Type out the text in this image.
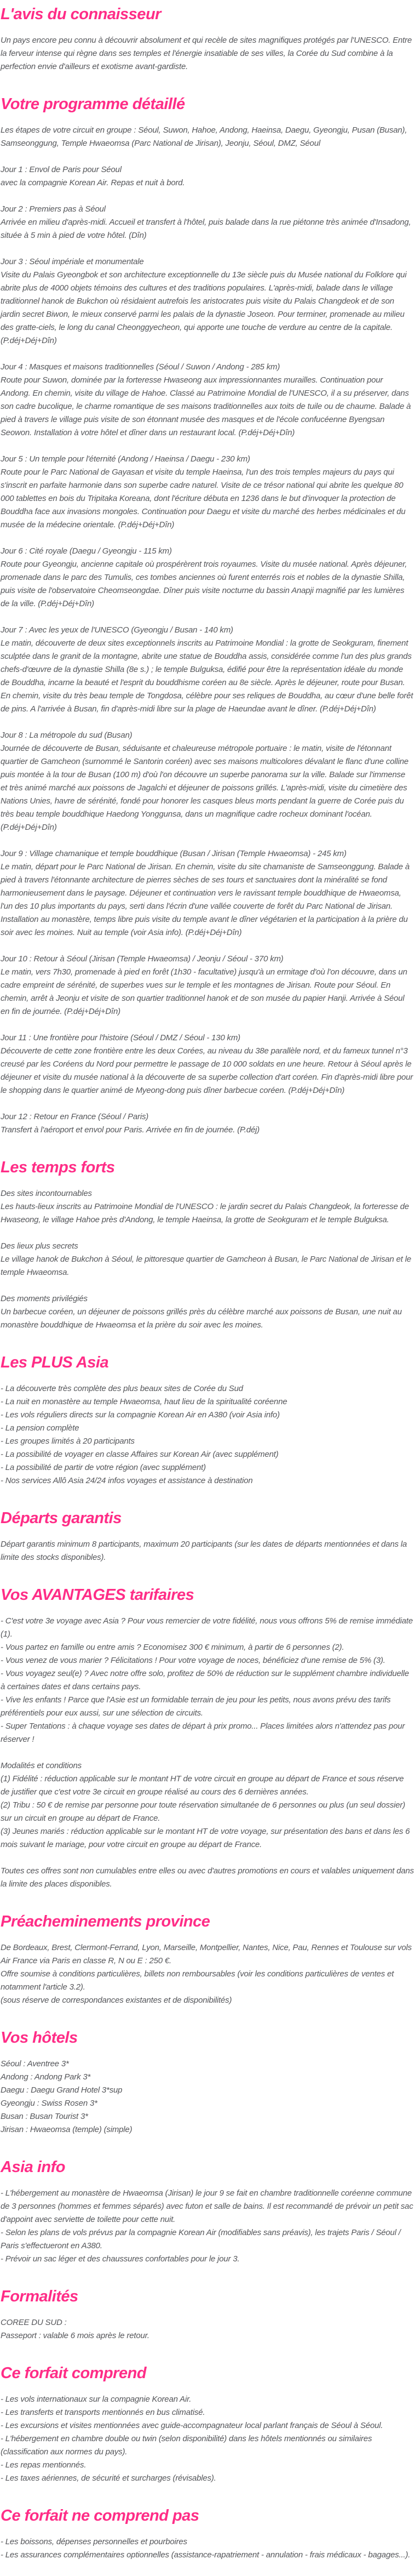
L'avis du connaisseur
Un pays encore peu connu à découvrir absolument et qui recèle de sites magnifiques protégés par l'UNESCO. Entre la ferveur intense qui règne dans ses temples et l'énergie insatiable de ses villes, la Corée du Sud combine à la perfection envie d'ailleurs et exotisme avant-gardiste.
Votre programme détaillé
Les étapes de votre circuit en groupe : Séoul, Suwon, Hahoe, Andong, Haeinsa, Daegu, Gyeongju, Pusan (Busan), Samseonggung, Temple Hwaeomsa (Parc National de Jirisan), Jeonju, Séoul, DMZ, Séoul
Jour 1 : Envol de Paris pour Séoul
avec la compagnie Korean Air. Repas et nuit à bord.
Jour 2 : Premiers pas à Séoul
Arrivée en milieu d'après-midi. Accueil et transfert à l'hôtel, puis balade dans la rue piétonne très animée d'Insadong, située à 5 min à pied de votre hôtel. (Dîn)
Jour 3 : Séoul impériale et monumentale
Visite du Palais Gyeongbok et son architecture exceptionnelle du 13e siècle puis du Musée national du Folklore qui abrite plus de 4000 objets témoins des cultures et des traditions populaires. L'après-midi, balade dans le village traditionnel hanok de Bukchon où résidaient autrefois les aristocrates puis visite du Palais Changdeok et de son jardin secret Biwon, le mieux conservé parmi les palais de la dynastie Joseon. Pour terminer, promenade au milieu des gratte-ciels, le long du canal Cheonggyecheon, qui apporte une touche de verdure au centre de la capitale. (P.déj+Déj+Dîn)
Jour 4 : Masques et maisons traditionnelles (Séoul / Suwon / Andong - 285 km)
Route pour Suwon, dominée par la forteresse Hwaseong aux impressionnantes murailles. Continuation pour Andong. En chemin, visite du village de Hahoe. Classé au Patrimoine Mondial de l'UNESCO, il a su préserver, dans son cadre bucolique, le charme romantique de ses maisons traditionnelles aux toits de tuile ou de chaume. Balade à pied à travers le village puis visite de son étonnant musée des masques et de l'école confucéenne Byengsan Seowon. Installation à votre hôtel et dîner dans un restaurant local. (P.déj+Déj+Dîn)
Jour 5 : Un temple pour l'éternité (Andong / Haeinsa / Daegu - 230 km)
Route pour le Parc National de Gayasan et visite du temple Haeinsa, l'un des trois temples majeurs du pays qui s'inscrit en parfaite harmonie dans son superbe cadre naturel. Visite de ce trésor national qui abrite les quelque 80 000 tablettes en bois du Tripitaka Koreana, dont l'écriture débuta en 1236 dans le but d'invoquer la protection de Bouddha face aux invasions mongoles. Continuation pour Daegu et visite du marché des herbes médicinales et du musée de la médecine orientale. (P.déj+Déj+Dîn)
Jour 6 : Cité royale (Daegu / Gyeongju - 115 km)
Route pour Gyeongju, ancienne capitale où prospérèrent trois royaumes. Visite du musée national. Après déjeuner, promenade dans le parc des Tumulis, ces tombes anciennes où furent enterrés rois et nobles de la dynastie Shilla, puis visite de l'observatoire Cheomseongdae. Dîner puis visite nocturne du bassin Anapji magnifié par les lumières de la ville. (P.déj+Déj+Dîn)
Jour 7 : Avec les yeux de l'UNESCO (Gyeongju / Busan - 140 km)
Le matin, découverte de deux sites exceptionnels inscrits au Patrimoine Mondial : la grotte de Seokguram, finement sculptée dans le granit de la montagne, abrite une statue de Bouddha assis, considérée comme l'un des plus grands chefs-d'œuvre de la dynastie Shilla (8e s.) ; le temple Bulguksa, édifié pour être la représentation idéale du monde de Bouddha, incarne la beauté et l'esprit du bouddhisme coréen au 8e siècle. Après le déjeuner, route pour Busan. En chemin, visite du très beau temple de Tongdosa, célèbre pour ses reliques de Bouddha, au cœur d'une belle forêt de pins. A l'arrivée à Busan, fin d'après-midi libre sur la plage de Haeundae avant le dîner. (P.déj+Déj+Dîn)
Jour 8 : La métropole du sud (Busan)
Journée de découverte de Busan, séduisante et chaleureuse métropole portuaire : le matin, visite de l'étonnant quartier de Gamcheon (surnommé le Santorin coréen) avec ses maisons multicolores dévalant le flanc d'une colline puis montée à la tour de Busan (100 m) d'où l'on découvre un superbe panorama sur la ville. Balade sur l'immense et très animé marché aux poissons de Jagalchi et déjeuner de poissons grillés. L'après-midi, visite du cimetière des Nations Unies, havre de sérénité, fondé pour honorer les casques bleus morts pendant la guerre de Corée puis du très beau temple bouddhique Haedong Yonggunsa, dans un magnifique cadre rocheux dominant l'océan. (P.déj+Déj+Dîn)
Jour 9 : Village chamanique et temple bouddhique (Busan / Jirisan (Temple Hwaeomsa) - 245 km)
Le matin, départ pour le Parc National de Jirisan. En chemin, visite du site chamaniste de Samseonggung. Balade à pied à travers l'étonnante architecture de pierres sèches de ses tours et sanctuaires dont la minéralité se fond harmonieusement dans le paysage. Déjeuner et continuation vers le ravissant temple bouddhique de Hwaeomsa, l'un des 10 plus importants du pays, serti dans l'écrin d'une vallée couverte de forêt du Parc National de Jirisan. Installation au monastère, temps libre puis visite du temple avant le dîner végétarien et la participation à la prière du soir avec les moines. Nuit au temple (voir Asia info). (P.déj+Déj+Dîn)
Jour 10 : Retour à Séoul (Jirisan (Temple Hwaeomsa) / Jeonju / Séoul - 370 km)
Le matin, vers 7h30, promenade à pied en forêt (1h30 - facultative) jusqu'à un ermitage d'où l'on découvre, dans un cadre empreint de sérénité, de superbes vues sur le temple et les montagnes de Jirisan. Route pour Séoul. En chemin, arrêt à Jeonju et visite de son quartier traditionnel hanok et de son musée du papier Hanji. Arrivée à Séoul en fin de journée. (P.déj+Déj+Dîn)
Jour 11 : Une frontière pour l'histoire (Séoul / DMZ / Séoul - 130 km)
Découverte de cette zone frontière entre les deux Corées, au niveau du 38e parallèle nord, et du fameux tunnel n°3 creusé par les Coréens du Nord pour permettre le passage de 10 000 soldats en une heure. Retour à Séoul après le déjeuner et visite du musée national à la découverte de sa superbe collection d'art coréen. Fin d'après-midi libre pour le shopping dans le quartier animé de Myeong-dong puis dîner barbecue coréen. (P.déj+Déj+Dîn)
Jour 12 : Retour en France (Séoul / Paris)
Transfert à l'aéroport et envol pour Paris. Arrivée en fin de journée. (P.déj)
Les temps forts
Des sites incontournables
Les hauts-lieux inscrits au Patrimoine Mondial de l'UNESCO : le jardin secret du Palais Changdeok, la forteresse de Hwaseong, le village Hahoe près d'Andong, le temple Haeinsa, la grotte de Seokguram et le temple Bulguksa.
Des lieux plus secrets
Le village hanok de Bukchon à Séoul, le pittoresque quartier de Gamcheon à Busan, le Parc National de Jirisan et le temple Hwaeomsa.
Des moments privilégiés
Un barbecue coréen, un déjeuner de poissons grillés près du célèbre marché aux poissons de Busan, une nuit au monastère bouddhique de Hwaeomsa et la prière du soir avec les moines.
Les PLUS Asia
- La découverte très complète des plus beaux sites de Corée du Sud
- La nuit en monastère au temple Hwaeomsa, haut lieu de la spiritualité coréenne
- Les vols réguliers directs sur la compagnie Korean Air en A380 (voir Asia info)
- La pension complète
- Les groupes limités à 20 participants
- La possibilité de voyager en classe Affaires sur Korean Air (avec supplément)
- La possibilité de partir de votre région (avec supplément)
- Nos services Allô Asia 24/24 infos voyages et assistance à destination
Départs garantis
Départ garantis minimum 8 participants, maximum 20 participants (sur les dates de départs mentionnées et dans la limite des stocks disponibles).
Vos AVANTAGES tarifaires
- C'est votre 3e voyage avec Asia ? Pour vous remercier de votre fidélité, nous vous offrons 5% de remise immédiate (1).
- Vous partez en famille ou entre amis ? Economisez 300 € minimum, à partir de 6 personnes (2).
- Vous venez de vous marier ? Félicitations ! Pour votre voyage de noces, bénéficiez d'une remise de 5% (3).
- Vous voyagez seul(e) ? Avec notre offre solo, profitez de 50% de réduction sur le supplément chambre individuelle à certaines dates et dans certains pays.
- Vive les enfants ! Parce que l'Asie est un formidable terrain de jeu pour les petits, nous avons prévu des tarifs préférentiels pour eux aussi, sur une sélection de circuits.
- Super Tentations : à chaque voyage ses dates de départ à prix promo... Places limitées alors n'attendez pas pour réserver !
Modalités et conditions
(1) Fidélité : réduction applicable sur le montant HT de votre circuit en groupe au départ de France et sous réserve de justifier que c'est votre 3e circuit en groupe réalisé au cours des 6 dernières années.
(2) Tribu : 50 € de remise par personne pour toute réservation simultanée de 6 personnes ou plus (un seul dossier) sur un circuit en groupe au départ de France.
(3) Jeunes mariés : réduction applicable sur le montant HT de votre voyage, sur présentation des bans et dans les 6 mois suivant le mariage, pour votre circuit en groupe au départ de France.
Toutes ces offres sont non cumulables entre elles ou avec d'autres promotions en cours et valables uniquement dans la limite des places disponibles.
Préacheminements province
De Bordeaux, Brest, Clermont-Ferrand, Lyon, Marseille, Montpellier, Nantes, Nice, Pau, Rennes et Toulouse sur vols Air France via Paris en classe R, N ou E : 250 €.
Offre soumise à conditions particulières, billets non remboursables (voir les conditions particulières de ventes et notamment l'article 3.2).
(sous réserve de correspondances existantes et de disponibilités)
Vos hôtels
Séoul : Aventree 3*
Andong : Andong Park 3*
Daegu : Daegu Grand Hotel 3*sup
Gyeongju : Swiss Rosen 3*
Busan : Busan Tourist 3*
Jirisan : Hwaeomsa (temple) (simple)
Asia info
- L'hébergement au monastère de Hwaeomsa (Jirisan) le jour 9 se fait en chambre traditionnelle coréenne commune de 3 personnes (hommes et femmes séparés) avec futon et salle de bains. Il est recommandé de prévoir un petit sac d'appoint avec serviette de toilette pour cette nuit.
- Selon les plans de vols prévus par la compagnie Korean Air (modifiables sans préavis), les trajets Paris / Séoul / Paris s'effectueront en A380.
- Prévoir un sac léger et des chaussures confortables pour le jour 3.
Formalités
COREE DU SUD :
Passeport : valable 6 mois après le retour.
Ce forfait comprend
- Les vols internationaux sur la compagnie Korean Air.
- Les transferts et transports mentionnés en bus climatisé.
- Les excursions et visites mentionnées avec guide-accompagnateur local parlant français de Séoul à Séoul.
- L'hébergement en chambre double ou twin (selon disponibilité) dans les hôtels mentionnés ou similaires (classification aux normes du pays).
- Les repas mentionnés.
- Les taxes aériennes, de sécurité et surcharges (révisables).
Ce forfait ne comprend pas
- Les boissons, dépenses personnelles et pourboires
- Les assurances complémentaires optionnelles (assistance-rapatriement - annulation - frais médicaux - bagages...).
